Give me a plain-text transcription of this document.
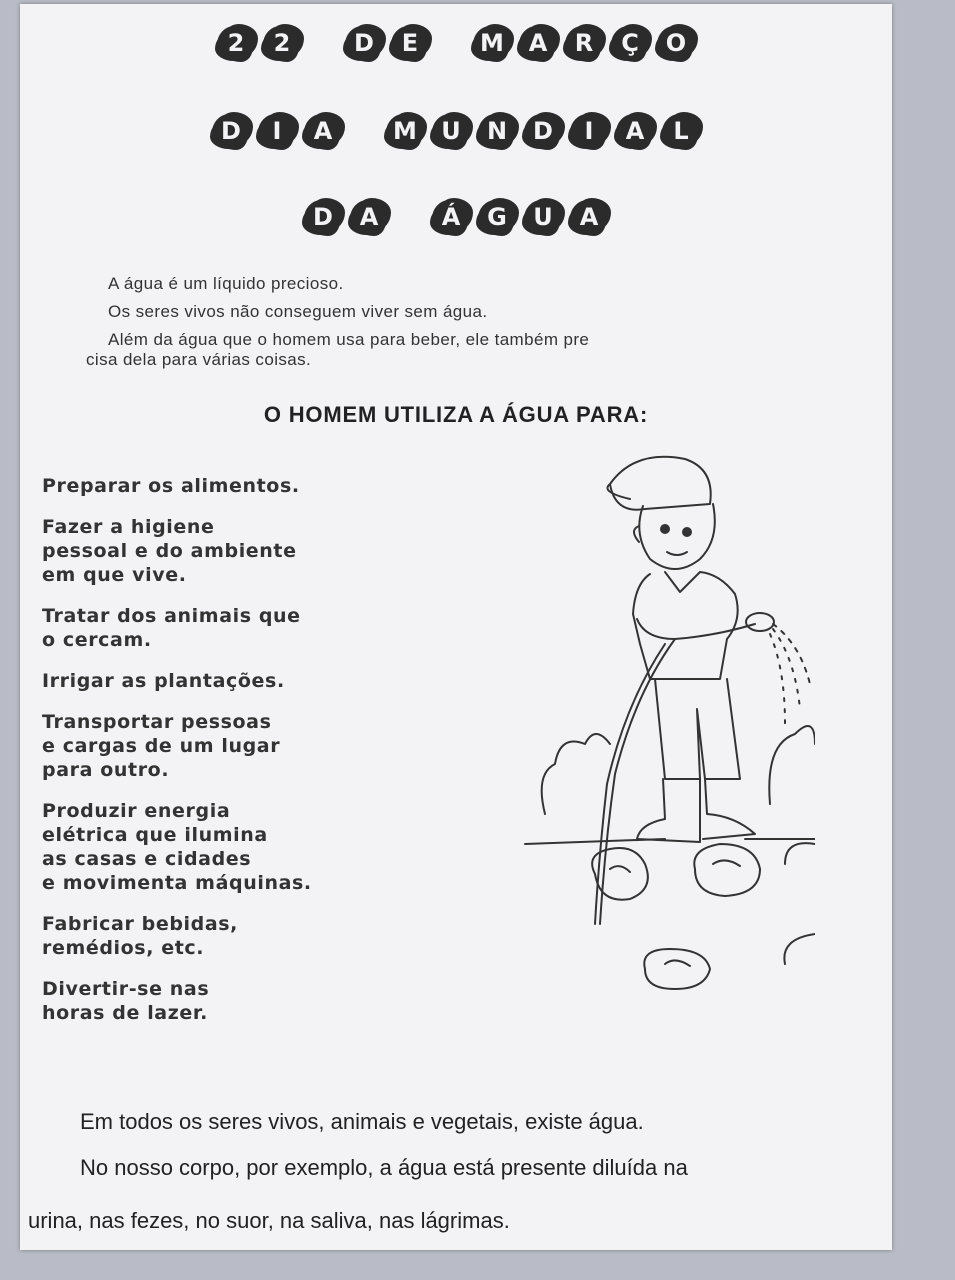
2	2	D	E	M	A	R	Ç	O
D	I	A	M	U	N	D	I	A	L
D	A	Á	G	U	A

A água é um líquido precioso.

Os seres vivos não conseguem viver sem água.

Além da água que o homem usa para beber, ele também pre

cisa dela para várias coisas.

O HOMEM UTILIZA A ÁGUA PARA:

Preparar os alimentos.

Fazer a higiene
pessoal e do ambiente
em que vive.

Tratar dos animais que
o cercam.

Irrigar as plantações.

Transportar pessoas
e cargas de um lugar
para outro.

Produzir energia
elétrica que ilumina
as casas e cidades
e movimenta máquinas.

Fabricar bebidas,
remédios, etc.

Divertir-se nas
horas de lazer.

Em todos os seres vivos, animais e vegetais, existe água.

No nosso corpo, por exemplo, a água está presente diluída na

urina, nas fezes, no suor, na saliva, nas lágrimas.
